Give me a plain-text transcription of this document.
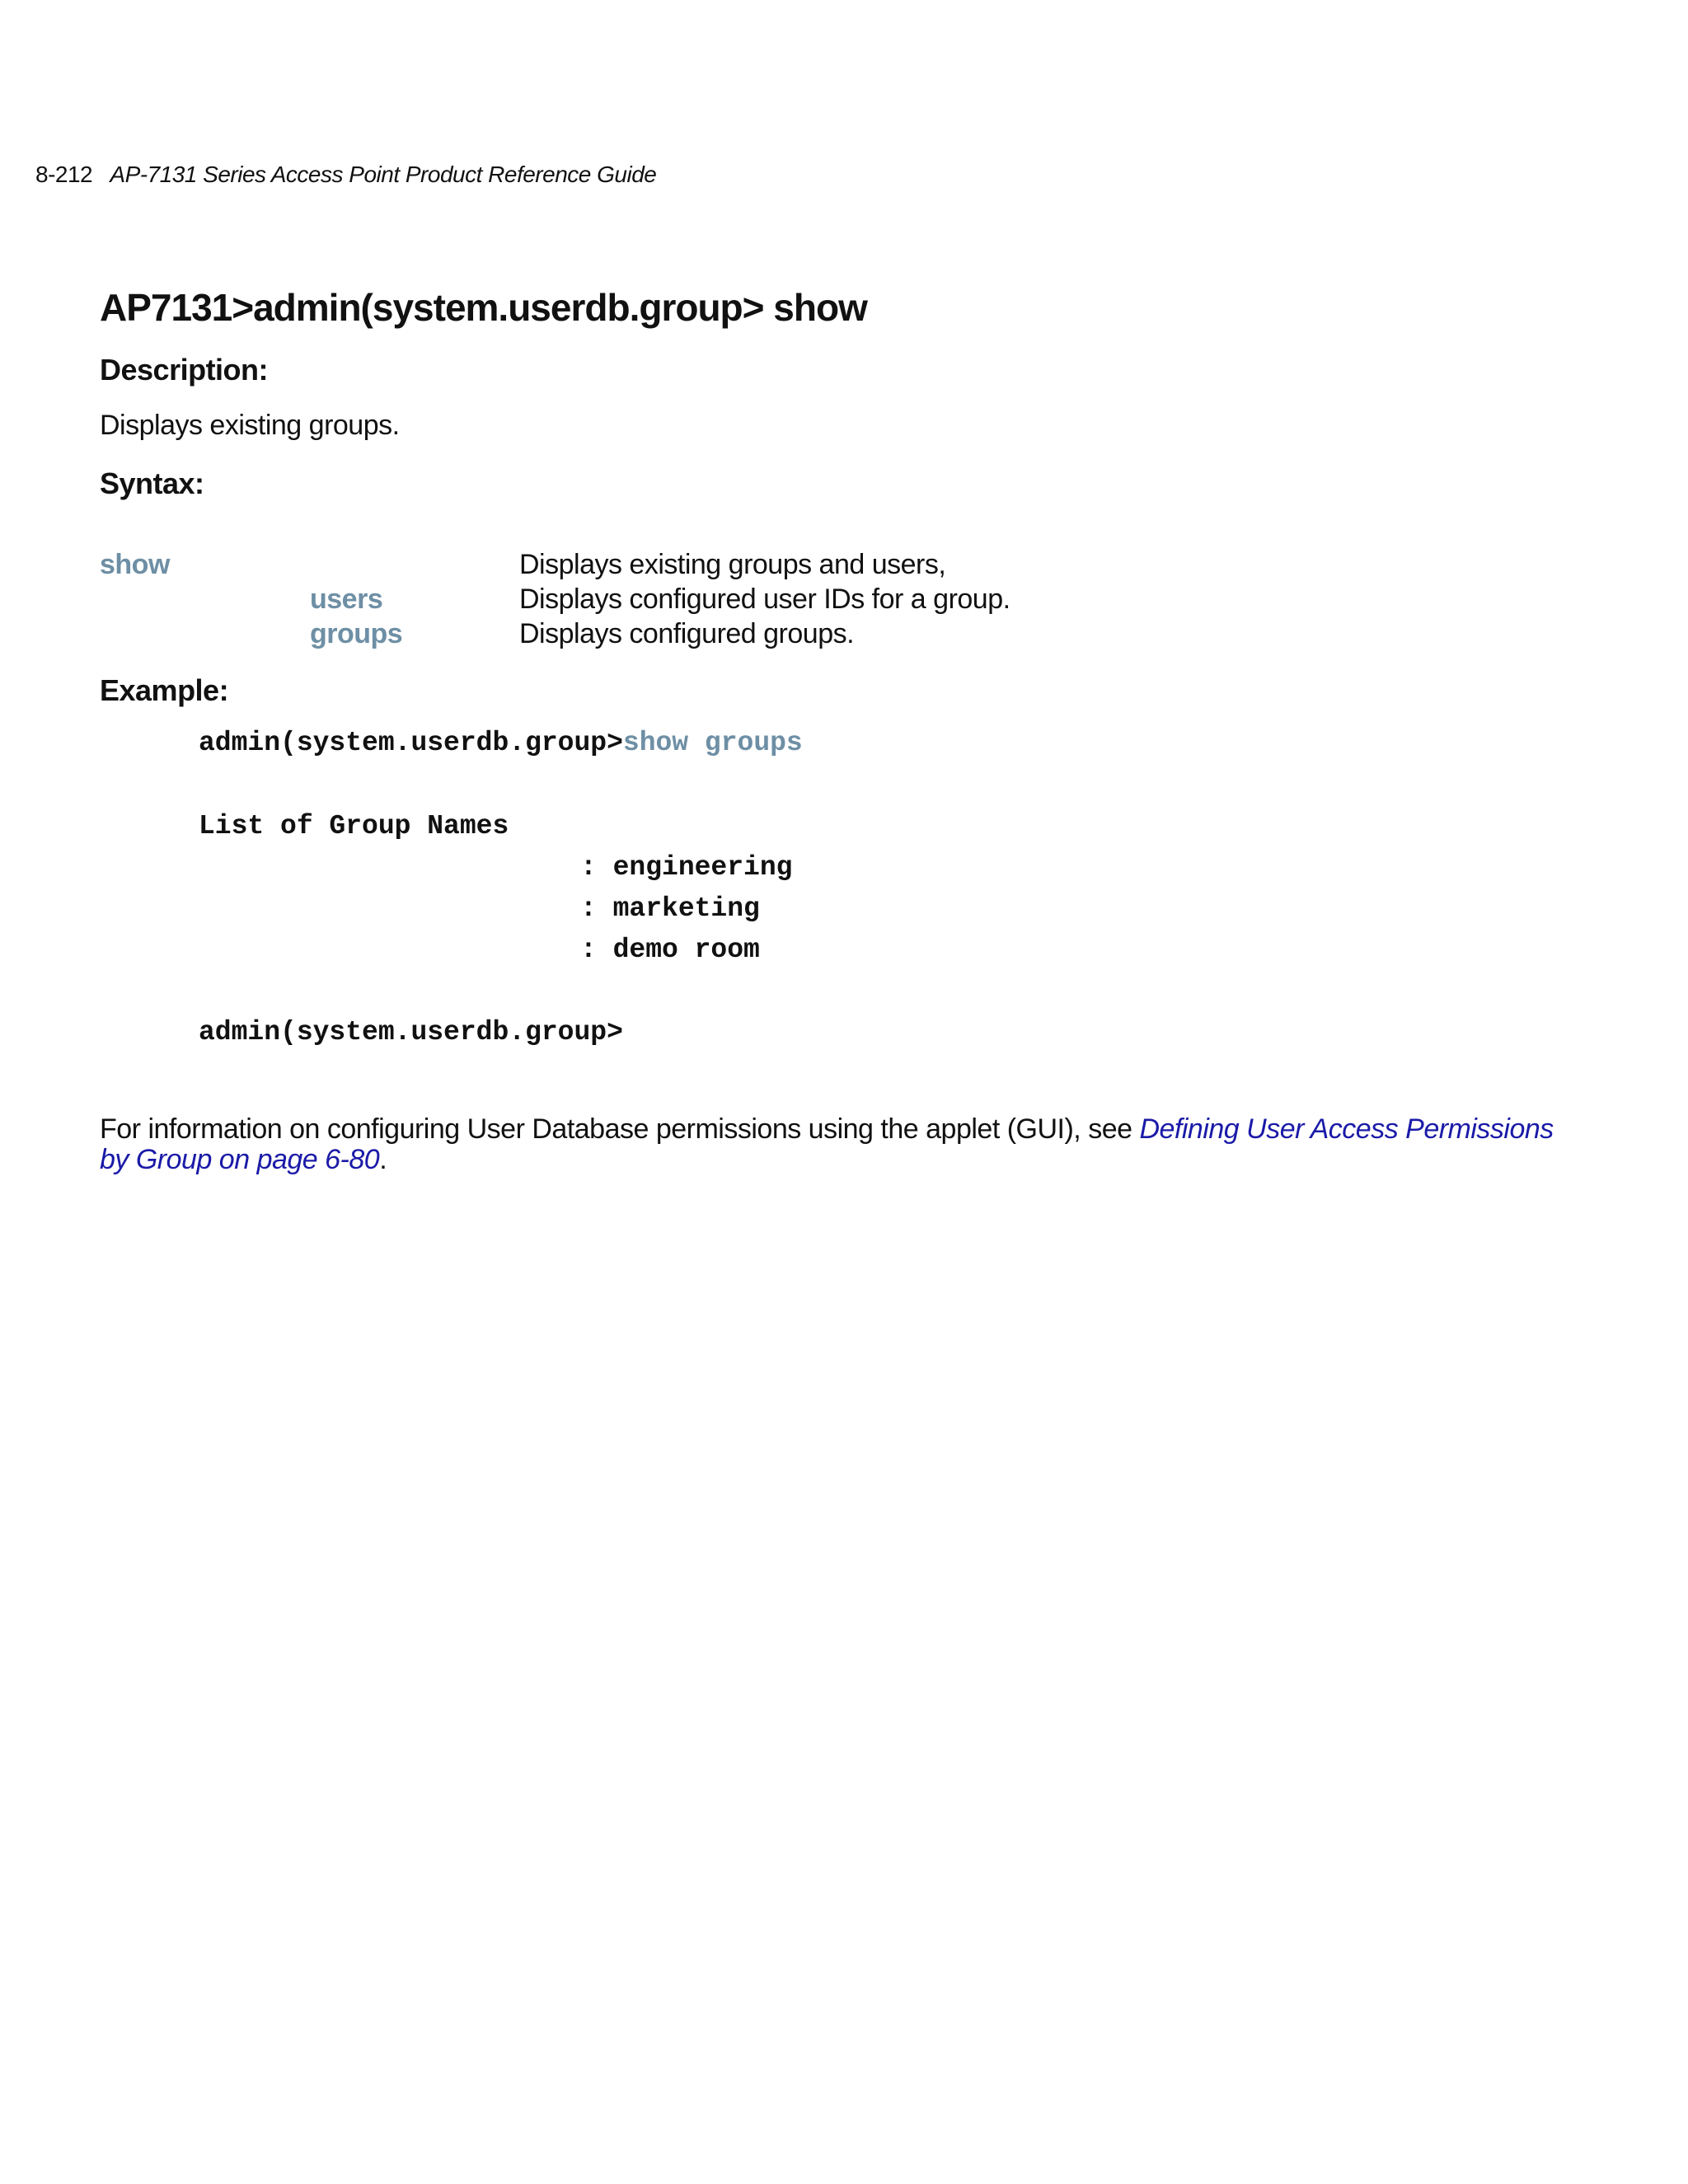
8-212 AP-7131 Series Access Point Product Reference Guide
AP7131>admin(system.userdb.group> show
Description:
Displays existing groups.
Syntax:
show	Displays existing groups and users,
users	Displays configured user IDs for a group.
groups	Displays configured groups.
Example:
admin(system.userdb.group>show groups
List of Group Names
: engineering
: marketing
: demo room
admin(system.userdb.group>

For information on configuring User Database permissions using the applet (GUI), see Defining User Access Permissions by Group on page 6-80.
